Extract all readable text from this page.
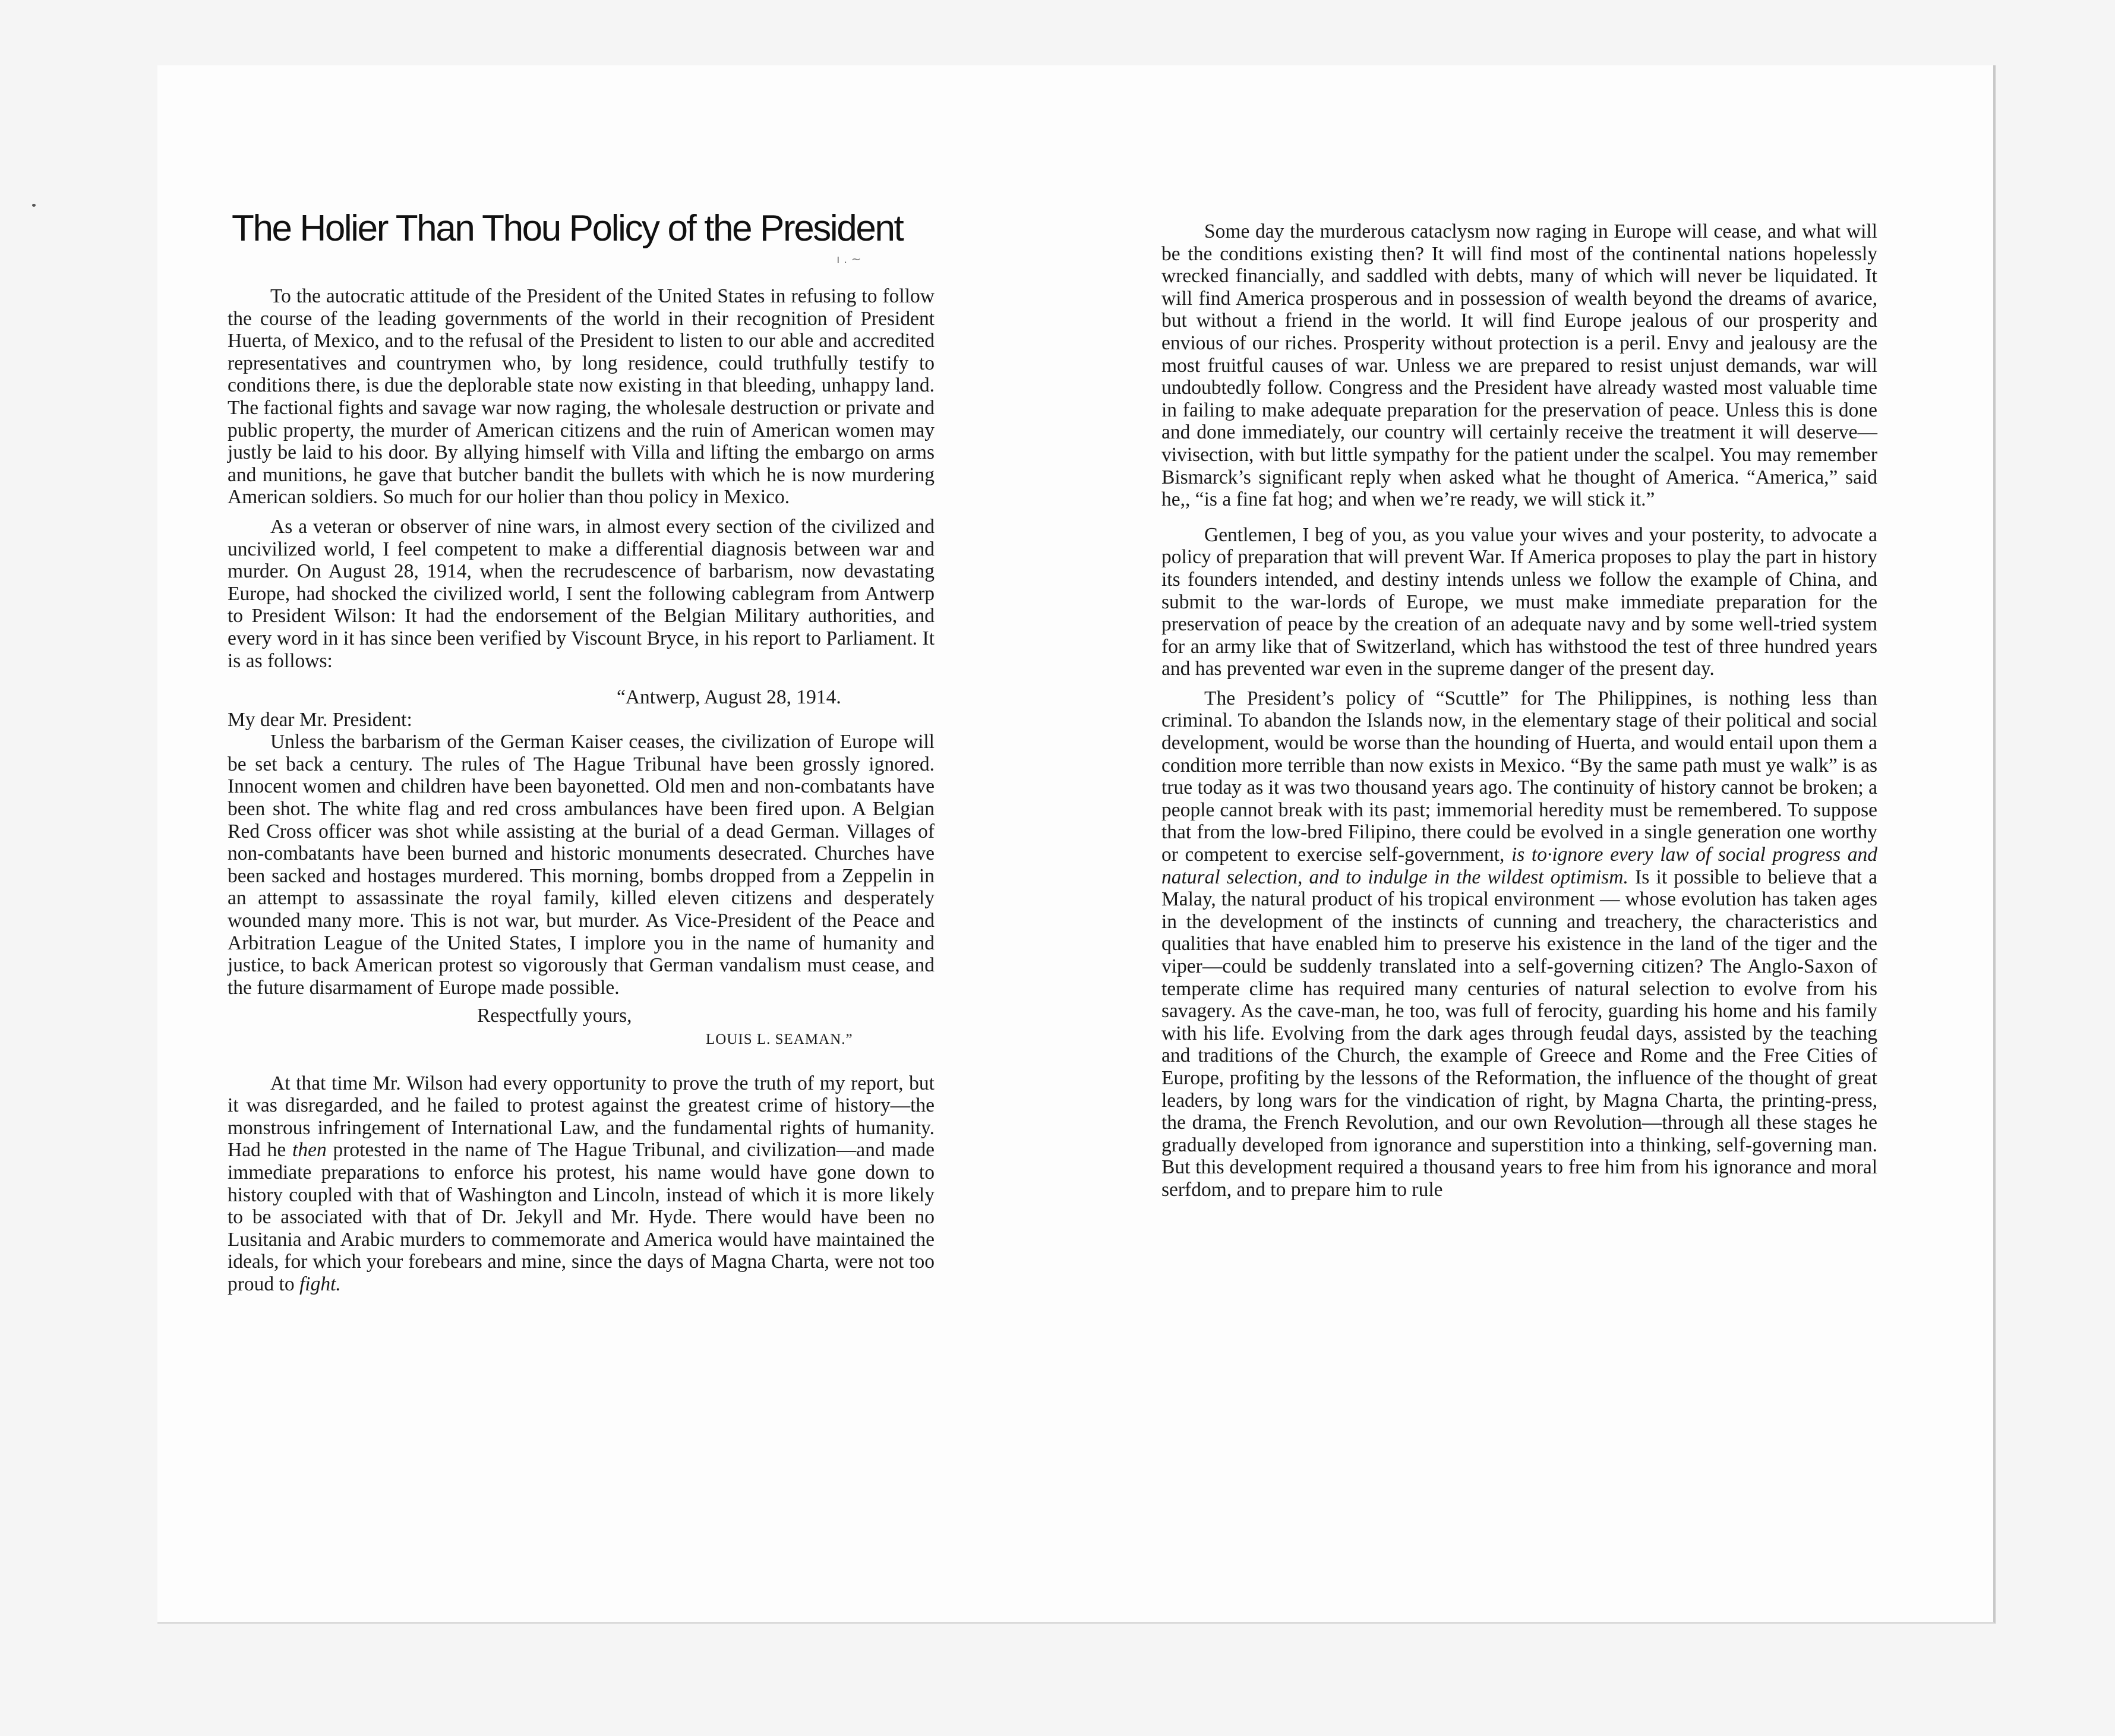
The Holier Than Thou Policy of the President
ı . ~

To the autocratic attitude of the President of the United States in refusing to follow the course of the leading governments of the world in their recognition of President Huerta, of Mexico, and to the refusal of the President to listen to our able and accredited representatives and countrymen who, by long residence, could truthfully testify to conditions there, is due the deplorable state now existing in that bleeding, unhappy land. The factional fights and savage war now raging, the wholesale destruction or private and public property, the murder of American citizens and the ruin of American women may justly be laid to his door. By allying himself with Villa and lifting the embargo on arms and munitions, he gave that butcher bandit the bullets with which he is now murdering American soldiers. So much for our holier than thou policy in Mexico.

As a veteran or observer of nine wars, in almost every section of the civilized and uncivilized world, I feel competent to make a differential diagnosis between war and murder. On August 28, 1914, when the recrudescence of barbarism, now devastating Europe, had shocked the civilized world, I sent the following cablegram from Antwerp to President Wilson: It had the endorsement of the Belgian Military authorities, and every word in it has since been verified by Viscount Bryce, in his report to Parliament. It is as follows:

“Antwerp, August 28, 1914.

My dear Mr. President:

Unless the barbarism of the German Kaiser ceases, the civilization of Europe will be set back a century. The rules of The Hague Tribunal have been grossly ignored. Innocent women and children have been bayonetted. Old men and non-combatants have been shot. The white flag and red cross ambulances have been fired upon. A Belgian Red Cross officer was shot while assisting at the burial of a dead German. Villages of non-combatants have been burned and historic monuments desecrated. Churches have been sacked and hostages murdered. This morning, bombs dropped from a Zeppelin in an attempt to assassinate the royal family, killed eleven citizens and desperately wounded many more. This is not war, but murder. As Vice-President of the Peace and Arbitration League of the United States, I implore you in the name of humanity and justice, to back American protest so vigorously that German vandalism must cease, and the future disarmament of Europe made possible.

Respectfully yours,

LOUIS L. SEAMAN.”

At that time Mr. Wilson had every opportunity to prove the truth of my report, but it was disregarded, and he failed to protest against the greatest crime of history—the monstrous infringement of International Law, and the fundamental rights of humanity. Had he then protested in the name of The Hague Tribunal, and civilization—and made immediate preparations to enforce his protest, his name would have gone down to history coupled with that of Washington and Lincoln, instead of which it is more likely to be associated with that of Dr. Jekyll and Mr. Hyde. There would have been no Lusitania and Arabic murders to commemorate and America would have maintained the ideals, for which your forebears and mine, since the days of Magna Charta, were not too proud to fight.

Some day the murderous cataclysm now raging in Europe will cease, and what will be the conditions existing then? It will find most of the continental nations hopelessly wrecked financially, and saddled with debts, many of which will never be liquidated. It will find America prosperous and in possession of wealth beyond the dreams of avarice, but without a friend in the world. It will find Europe jealous of our prosperity and envious of our riches. Prosperity without protection is a peril. Envy and jealousy are the most fruitful causes of war. Unless we are prepared to resist unjust demands, war will undoubtedly follow. Congress and the President have already wasted most valuable time in failing to make adequate preparation for the preservation of peace. Unless this is done and done immediately, our country will certainly receive the treatment it will deserve—vivisection, with but little sympathy for the patient under the scalpel. You may remember Bismarck’s significant reply when asked what he thought of America. “America,” said he,, “is a fine fat hog; and when we’re ready, we will stick it.”

Gentlemen, I beg of you, as you value your wives and your posterity, to advocate a policy of preparation that will prevent War. If America proposes to play the part in history its founders intended, and destiny intends unless we follow the example of China, and submit to the war-lords of Europe, we must make immediate preparation for the preservation of peace by the creation of an adequate navy and by some well-tried system for an army like that of Switzerland, which has withstood the test of three hundred years and has prevented war even in the supreme danger of the present day.

The President’s policy of “Scuttle” for The Philippines, is nothing less than criminal. To abandon the Islands now, in the elementary stage of their political and social development, would be worse than the hounding of Huerta, and would entail upon them a condition more terrible than now exists in Mexico. “By the same path must ye walk” is as true today as it was two thousand years ago. The continuity of history cannot be broken; a people cannot break with its past; immemorial heredity must be remembered. To suppose that from the low-bred Filipino, there could be evolved in a single generation one worthy or competent to exercise self-government, is to·ignore every law of social progress and natural selection, and to indulge in the wildest optimism. Is it possible to believe that a Malay, the natural product of his tropical environment — whose evolution has taken ages in the development of the instincts of cunning and treachery, the characteristics and qualities that have enabled him to preserve his existence in the land of the tiger and the viper—could be suddenly translated into a self-governing citizen? The Anglo-Saxon of temperate clime has required many centuries of natural selection to evolve from his savagery. As the cave-man, he too, was full of ferocity, guarding his home and his family with his life. Evolving from the dark ages through feudal days, assisted by the teaching and traditions of the Church, the example of Greece and Rome and the Free Cities of Europe, profiting by the lessons of the Reformation, the influence of the thought of great leaders, by long wars for the vindication of right, by Magna Charta, the printing-press, the drama, the French Revolution, and our own Revolution—through all these stages he gradually developed from ignorance and superstition into a thinking, self-governing man. But this development required a thousand years to free him from his ignorance and moral serfdom, and to prepare him to rule
